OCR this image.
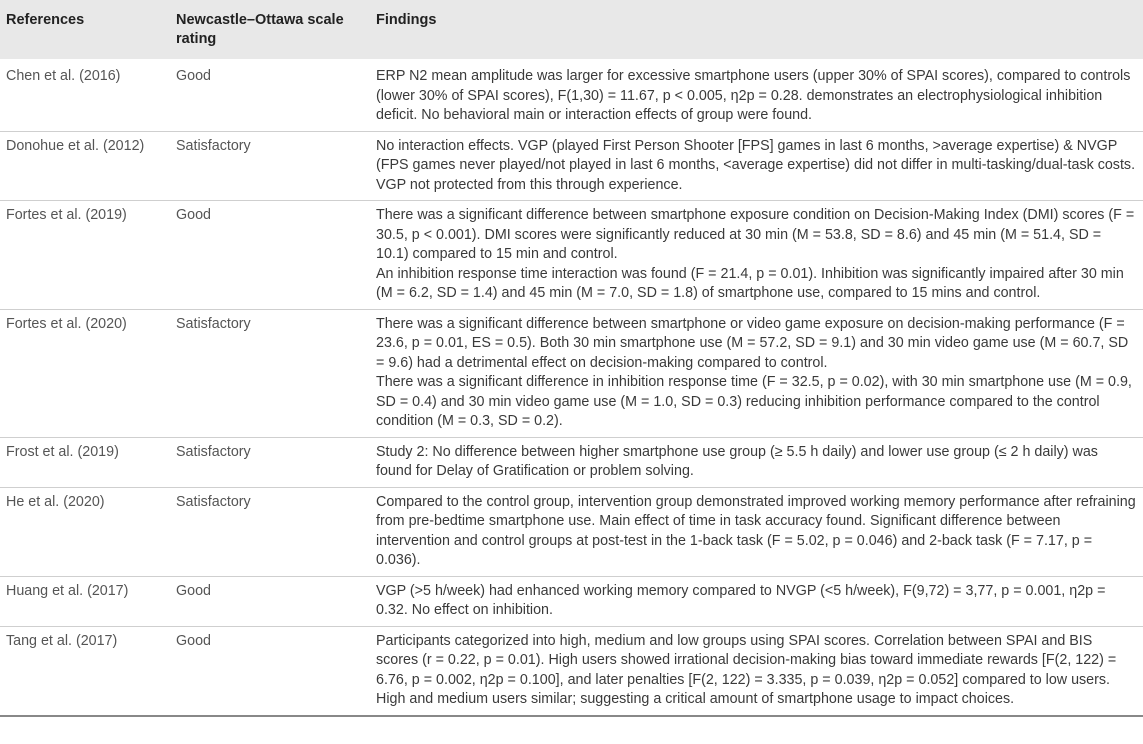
References	Newcastle–Ottawa scale rating	Findings
Chen et al. (2016)	Good	ERP N2 mean amplitude was larger for excessive smartphone users (upper 30% of SPAI scores), compared to controls (lower 30% of SPAI scores), F(1,30) = 11.67, p < 0.005, η2p = 0.28. demonstrates an electrophysiological inhibition deficit. No behavioral main or interaction effects of group were found.

Donohue et al. (2012)	Satisfactory	No interaction effects. VGP (played First Person Shooter [FPS] games in last 6 months, >average expertise) & NVGP (FPS games never played/not played in last 6 months, <average expertise) did not differ in multi-tasking/dual-task costs. VGP not protected from this through experience.

Fortes et al. (2019)	Good	There was a significant difference between smartphone exposure condition on Decision-Making Index (DMI) scores (F = 30.5, p < 0.001). DMI scores were significantly reduced at 30 min (M = 53.8, SD = 8.6) and 45 min (M = 51.4, SD = 10.1) compared to 15 min and control.
An inhibition response time interaction was found (F = 21.4, p = 0.01). Inhibition was significantly impaired after 30 min (M = 6.2, SD = 1.4) and 45 min (M = 7.0, SD = 1.8) of smartphone use, compared to 15 mins and control.

Fortes et al. (2020)	Satisfactory	There was a significant difference between smartphone or video game exposure on decision-making performance (F = 23.6, p = 0.01, ES = 0.5). Both 30 min smartphone use (M = 57.2, SD = 9.1) and 30 min video game use (M = 60.7, SD = 9.6) had a detrimental effect on decision-making compared to control.
There was a significant difference in inhibition response time (F = 32.5, p = 0.02), with 30 min smartphone use (M = 0.9, SD = 0.4) and 30 min video game use (M = 1.0, SD = 0.3) reducing inhibition performance compared to the control condition (M = 0.3, SD = 0.2).

Frost et al. (2019)	Satisfactory	Study 2: No difference between higher smartphone use group (≥ 5.5 h daily) and lower use group (≤ 2 h daily) was found for Delay of Gratification or problem solving.

He et al. (2020)	Satisfactory	Compared to the control group, intervention group demonstrated improved working memory performance after refraining from pre-bedtime smartphone use. Main effect of time in task accuracy found. Significant difference between intervention and control groups at post-test in the 1-back task (F = 5.02, p = 0.046) and 2-back task (F = 7.17, p = 0.036).

Huang et al. (2017)	Good	VGP (>5 h/week) had enhanced working memory compared to NVGP (<5 h/week), F(9,72) = 3,77, p = 0.001, η2p = 0.32. No effect on inhibition.

Tang et al. (2017)	Good	Participants categorized into high, medium and low groups using SPAI scores. Correlation between SPAI and BIS scores (r = 0.22, p = 0.01). High users showed irrational decision-making bias toward immediate rewards [F(2, 122) = 6.76, p = 0.002, η2p = 0.100], and later penalties [F(2, 122) = 3.335, p = 0.039, η2p = 0.052] compared to low users. High and medium users similar; suggesting a critical amount of smartphone usage to impact choices.
